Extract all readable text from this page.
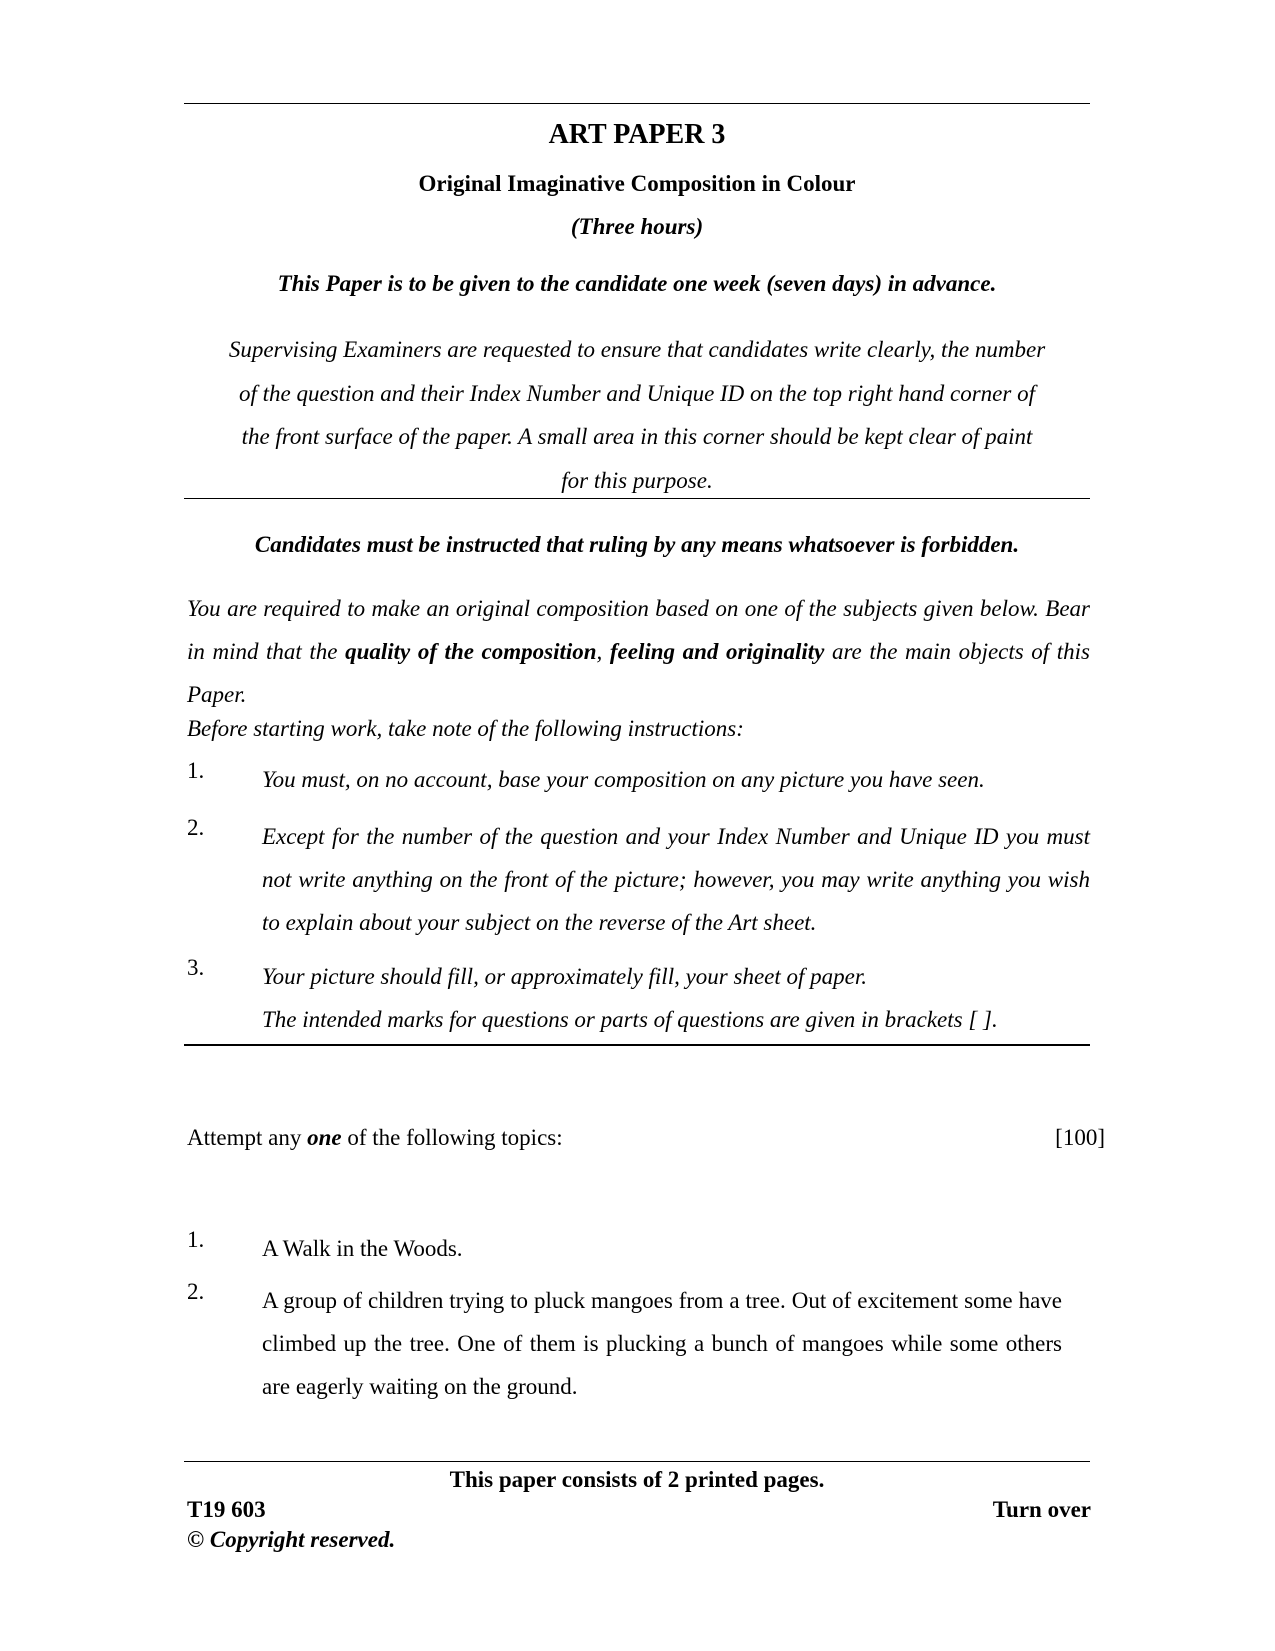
ART PAPER 3
Original Imaginative Composition in Colour
(Three hours)
This Paper is to be given to the candidate one week (seven days) in advance.
Supervising Examiners are requested to ensure that candidates write clearly, the number
of the question and their Index Number and Unique ID on the top right hand corner of
the front surface of the paper. A small area in this corner should be kept clear of paint
for this purpose.
Candidates must be instructed that ruling by any means whatsoever is forbidden.
You are required to make an original composition based on one of the subjects given below. Bear in mind that the quality of the composition, feeling and originality are the main objects of this Paper.
Before starting work, take note of the following instructions:
1.	You must, on no account, base your composition on any picture you have seen.
2.	Except for the number of the question and your Index Number and Unique ID you must not write anything on the front of the picture; however, you may write anything you wish to explain about your subject on the reverse of the Art sheet.
3.	Your picture should fill, or approximately fill, your sheet of paper.
The intended marks for questions or parts of questions are given in brackets [ ].
Attempt any one of the following topics:	[100]
1.	A Walk in the Woods.
2.	A group of children trying to pluck mangoes from a tree. Out of excitement some have climbed up the tree. One of them is plucking a bunch of mangoes while some others are eagerly waiting on the ground.
This paper consists of 2 printed pages.
T19 603
© Copyright reserved.
Turn over
